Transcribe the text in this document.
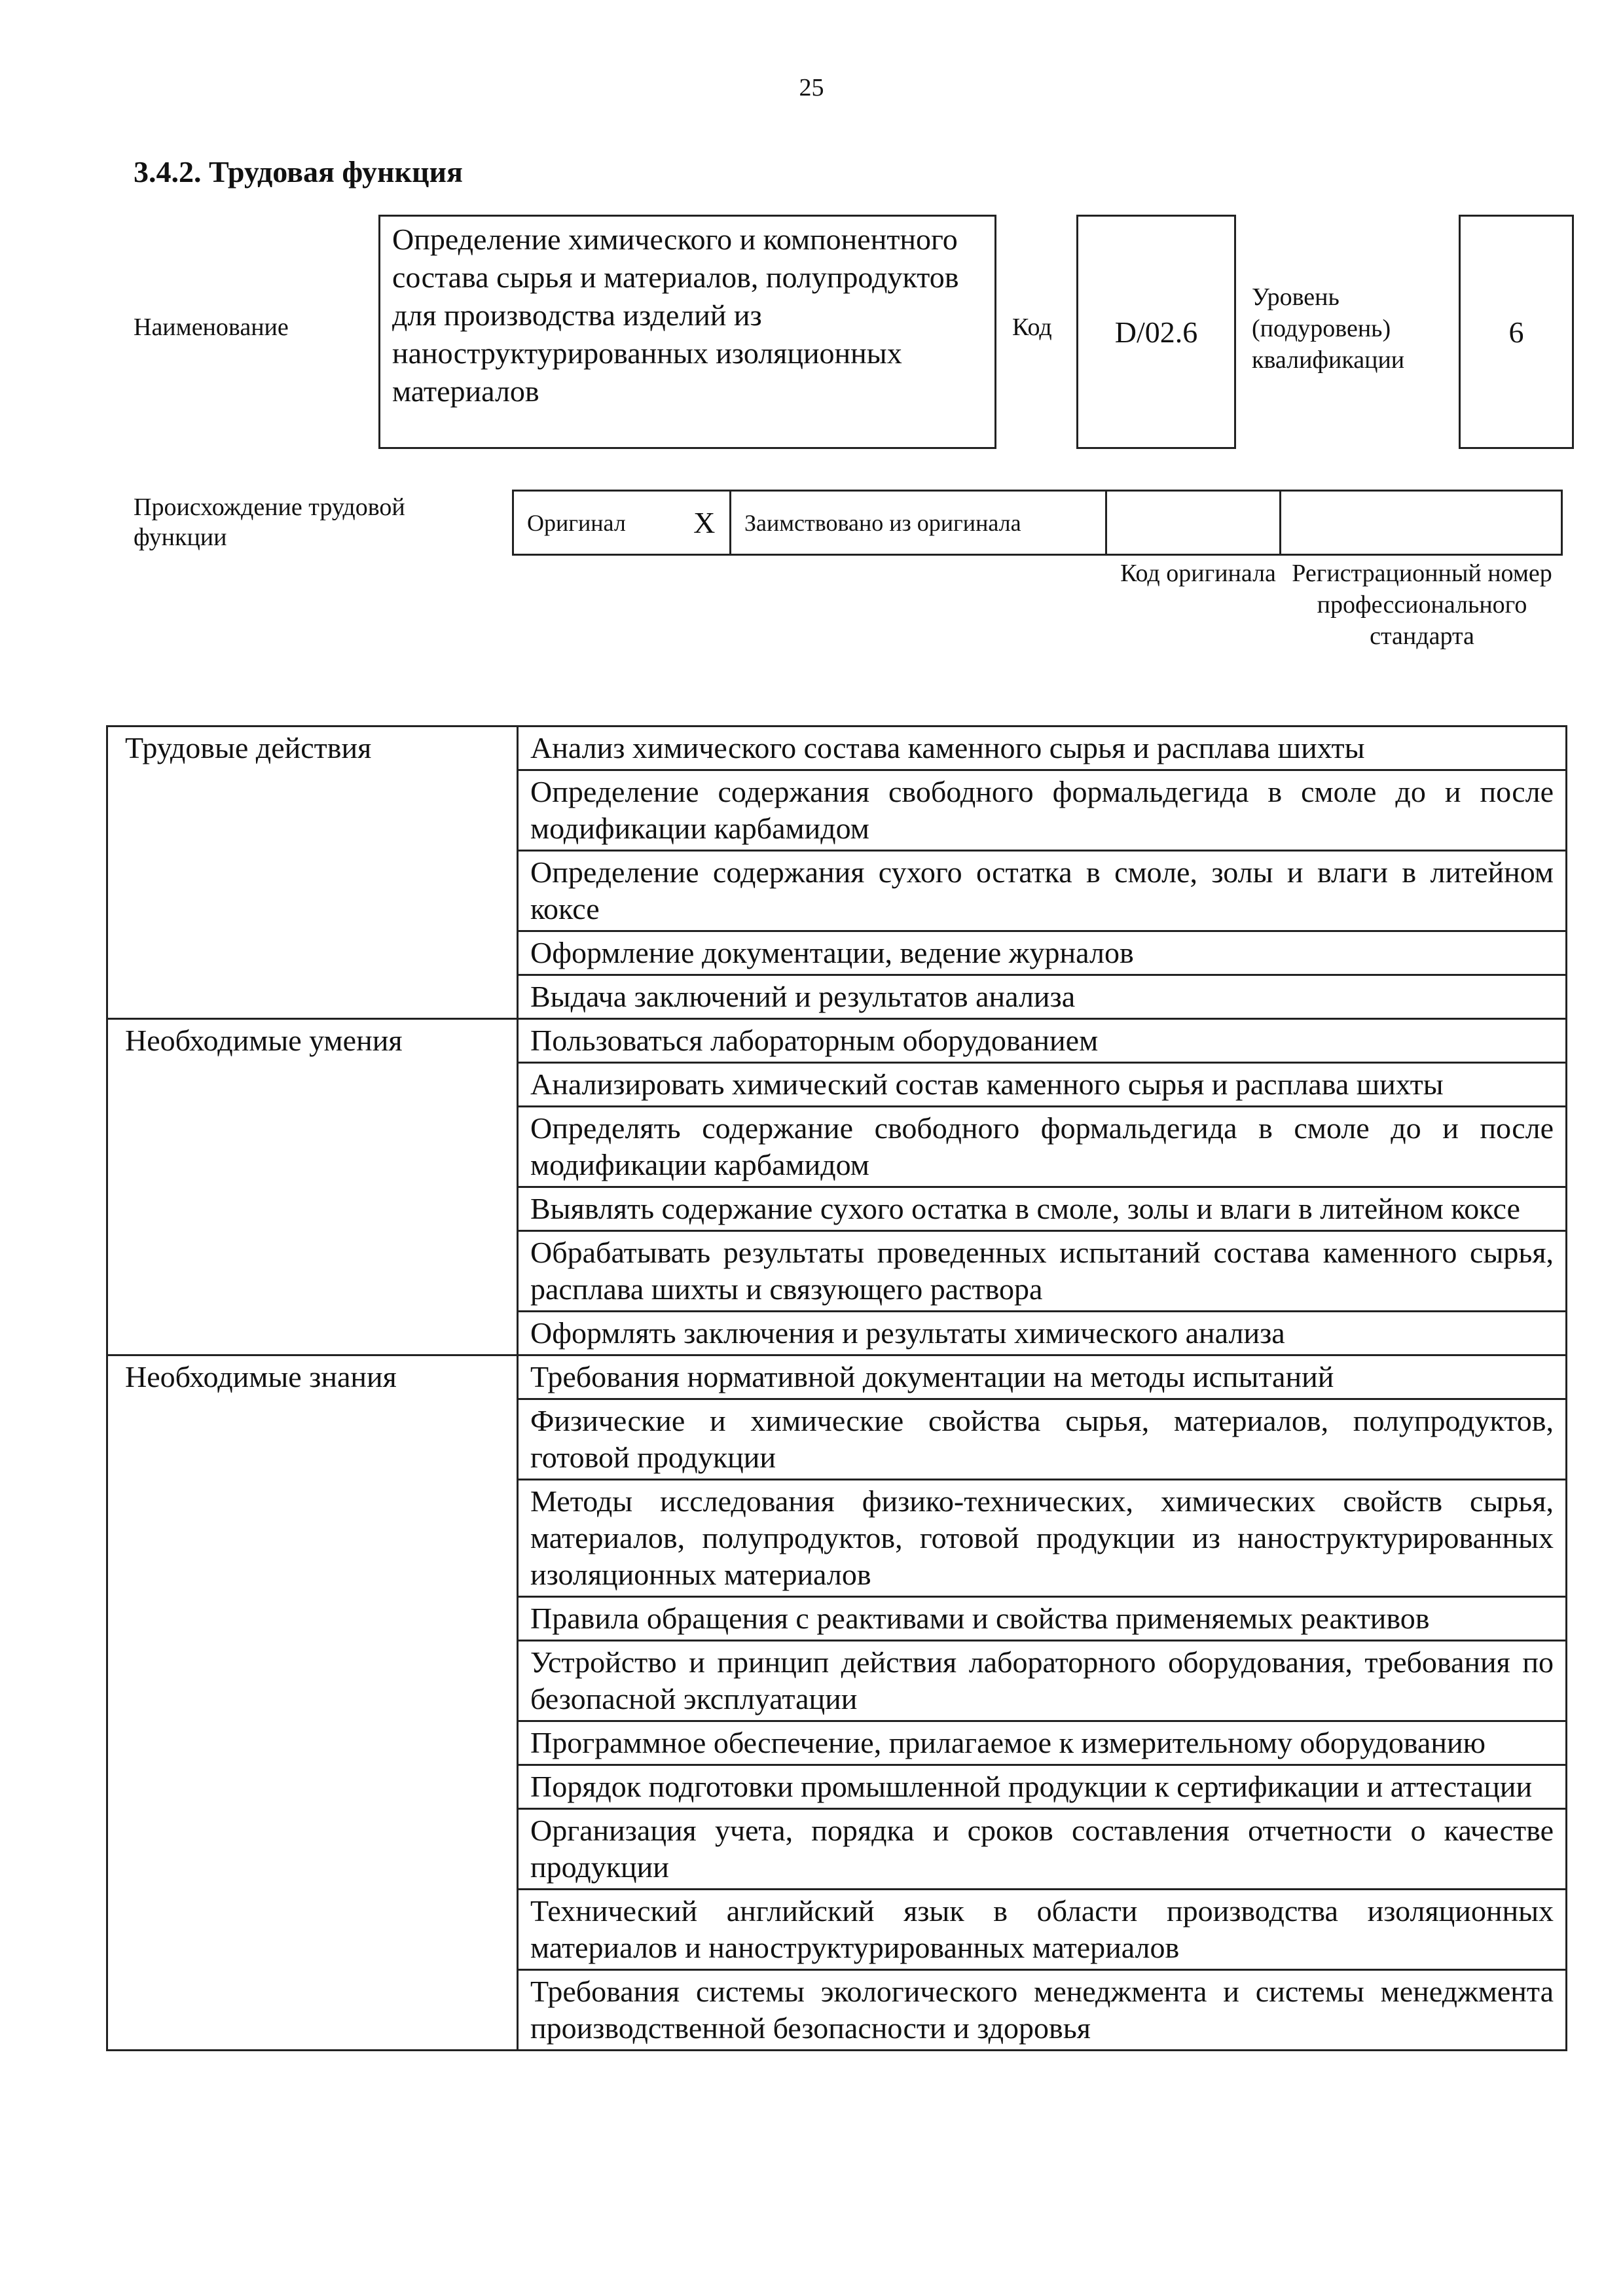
25
3.4.2. Трудовая функция
Наименование
Определение химического и компонентного состава сырья и материалов, полупродуктов для производства изделий из наноструктурированных изоляционных материалов
Код	D/02.6
Уровень (подуровень) квалификации
6
Происхождение трудовой функции
Оригинал	X	Заимствовано из оригинала		
Код оригинала Регистрационный номер профессионального стандарта
Трудовые действия	Анализ химического состава каменного сырья и расплава шихты
	Определение содержания свободного формальдегида в смоле до и после модификации карбамидом
	Определение содержания сухого остатка в смоле, золы и влаги в литейном коксе
	Оформление документации, ведение журналов
	Выдача заключений и результатов анализа
Необходимые умения	Пользоваться лабораторным оборудованием
	Анализировать химический состав каменного сырья и расплава шихты
	Определять содержание свободного формальдегида в смоле до и после модификации карбамидом
	Выявлять содержание сухого остатка в смоле, золы и влаги в литейном коксе
	Обрабатывать результаты проведенных испытаний состава каменного сырья, расплава шихты и связующего раствора
	Оформлять заключения и результаты химического анализа
Необходимые знания	Требования нормативной документации на методы испытаний
	Физические и химические свойства сырья, материалов, полупродуктов, готовой продукции
	Методы исследования физико-технических, химических свойств сырья, материалов, полупродуктов, готовой продукции из наноструктурированных изоляционных материалов
	Правила обращения с реактивами и свойства применяемых реактивов
	Устройство и принцип действия лабораторного оборудования, требования по безопасной эксплуатации
	Программное обеспечение, прилагаемое к измерительному оборудованию
	Порядок подготовки промышленной продукции к сертификации и аттестации
	Организация учета, порядка и сроков составления отчетности о качестве продукции
	Технический английский язык в области производства изоляционных материалов и наноструктурированных материалов
	Требования системы экологического менеджмента и системы менеджмента производственной безопасности и здоровья
